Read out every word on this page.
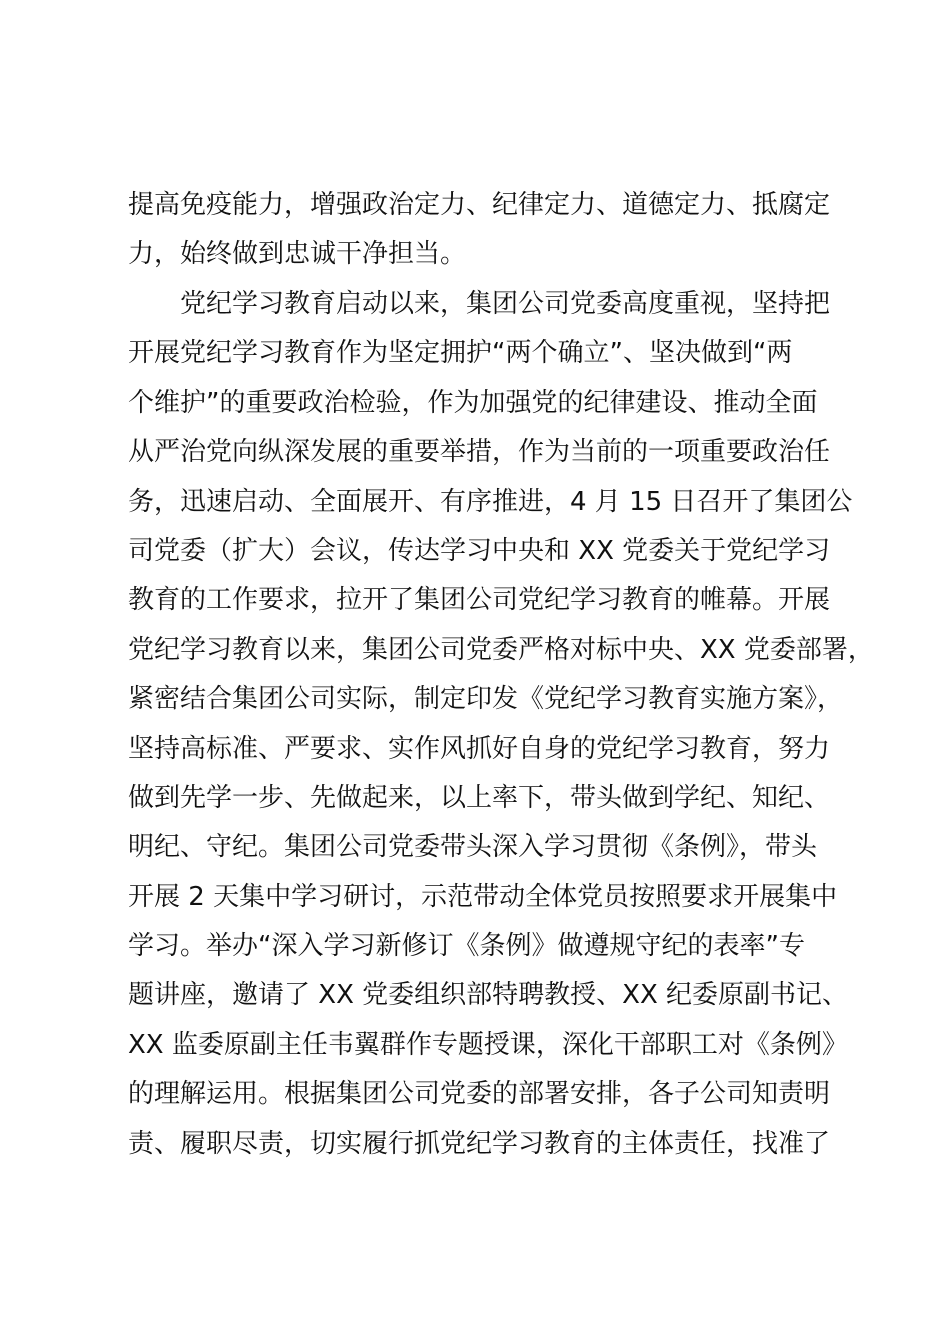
提高免疫能力，增强政治定力、纪律定力、道德定力、抵腐定
力，始终做到忠诚干净担当。
党纪学习教育启动以来，集团公司党委高度重视，坚持把
开展党纪学习教育作为坚定拥护“两个确立”、坚决做到“两
个维护”的重要政治检验，作为加强党的纪律建设、推动全面
从严治党向纵深发展的重要举措，作为当前的一项重要政治任
务，迅速启动、全面展开、有序推进，4 月 15 日召开了集团公
司党委（扩大）会议，传达学习中央和 XX 党委关于党纪学习
教育的工作要求，拉开了集团公司党纪学习教育的帷幕。开展
党纪学习教育以来，集团公司党委严格对标中央、XX 党委部署，
紧密结合集团公司实际，制定印发《党纪学习教育实施方案》，
坚持高标准、严要求、实作风抓好自身的党纪学习教育，努力
做到先学一步、先做起来，以上率下，带头做到学纪、知纪、
明纪、守纪。集团公司党委带头深入学习贯彻《条例》，带头
开展 2 天集中学习研讨，示范带动全体党员按照要求开展集中
学习。举办“深入学习新修订《条例》做遵规守纪的表率”专
题讲座，邀请了 XX 党委组织部特聘教授、XX 纪委原副书记、
XX 监委原副主任韦翼群作专题授课，深化干部职工对《条例》
的理解运用。根据集团公司党委的部署安排，各子公司知责明
责、履职尽责，切实履行抓党纪学习教育的主体责任，找准了
